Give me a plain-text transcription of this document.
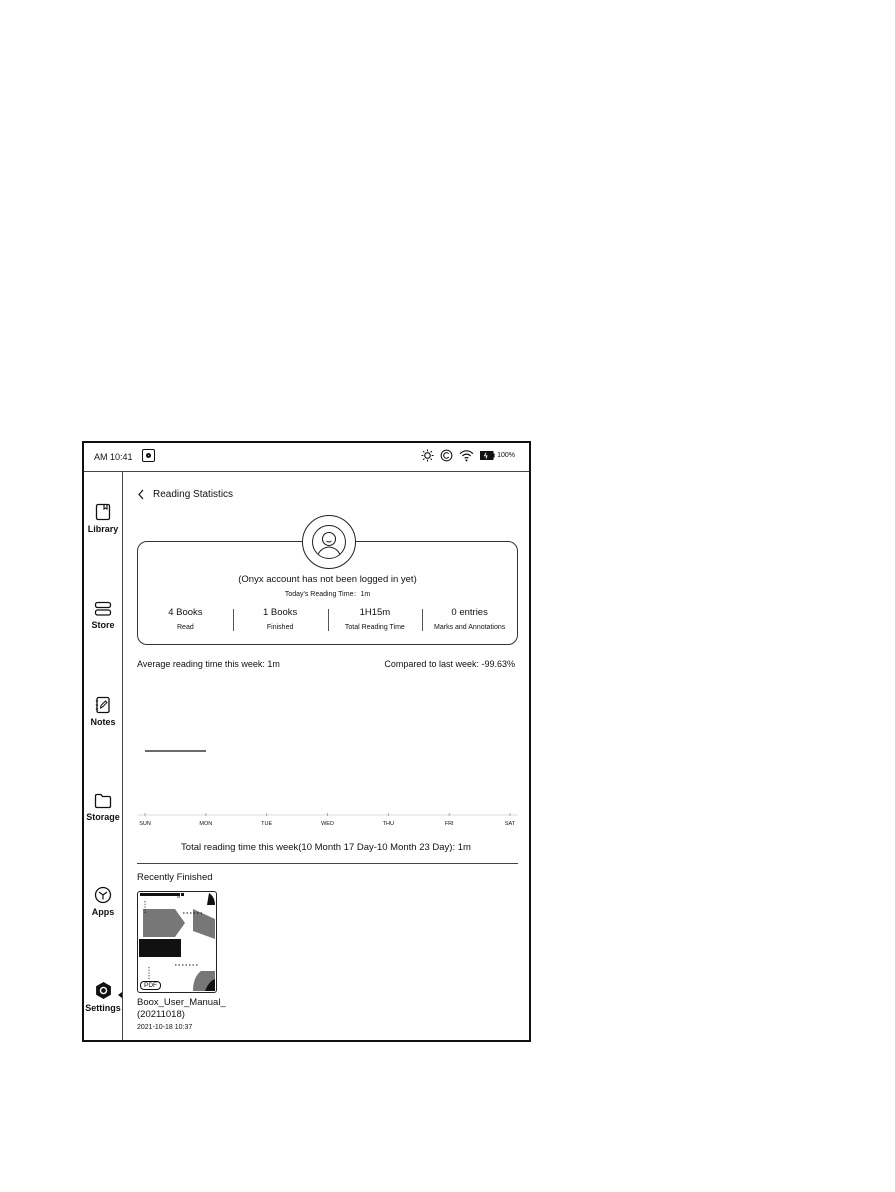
AM 10:41	100%
Library
Store
Notes
Storage
Apps
Settings
Reading Statistics
(Onyx account has not been logged in yet)
Today's Reading Time：1m
4 Books
Read
1 Books
Finished
1H15m
Total Reading Time
0 entries
Marks and Annotations
Average reading time this week: 1m	Compared to last week: -99.63%
SUN	MON	TUE	WED	THU	FRI	SAT
Total reading time this week(10 Month 17 Day-10 Month 23 Day): 1m
Recently Finished
01
PDF
Boox_User_Manual_(20211018)
2021-10-18 10:37
